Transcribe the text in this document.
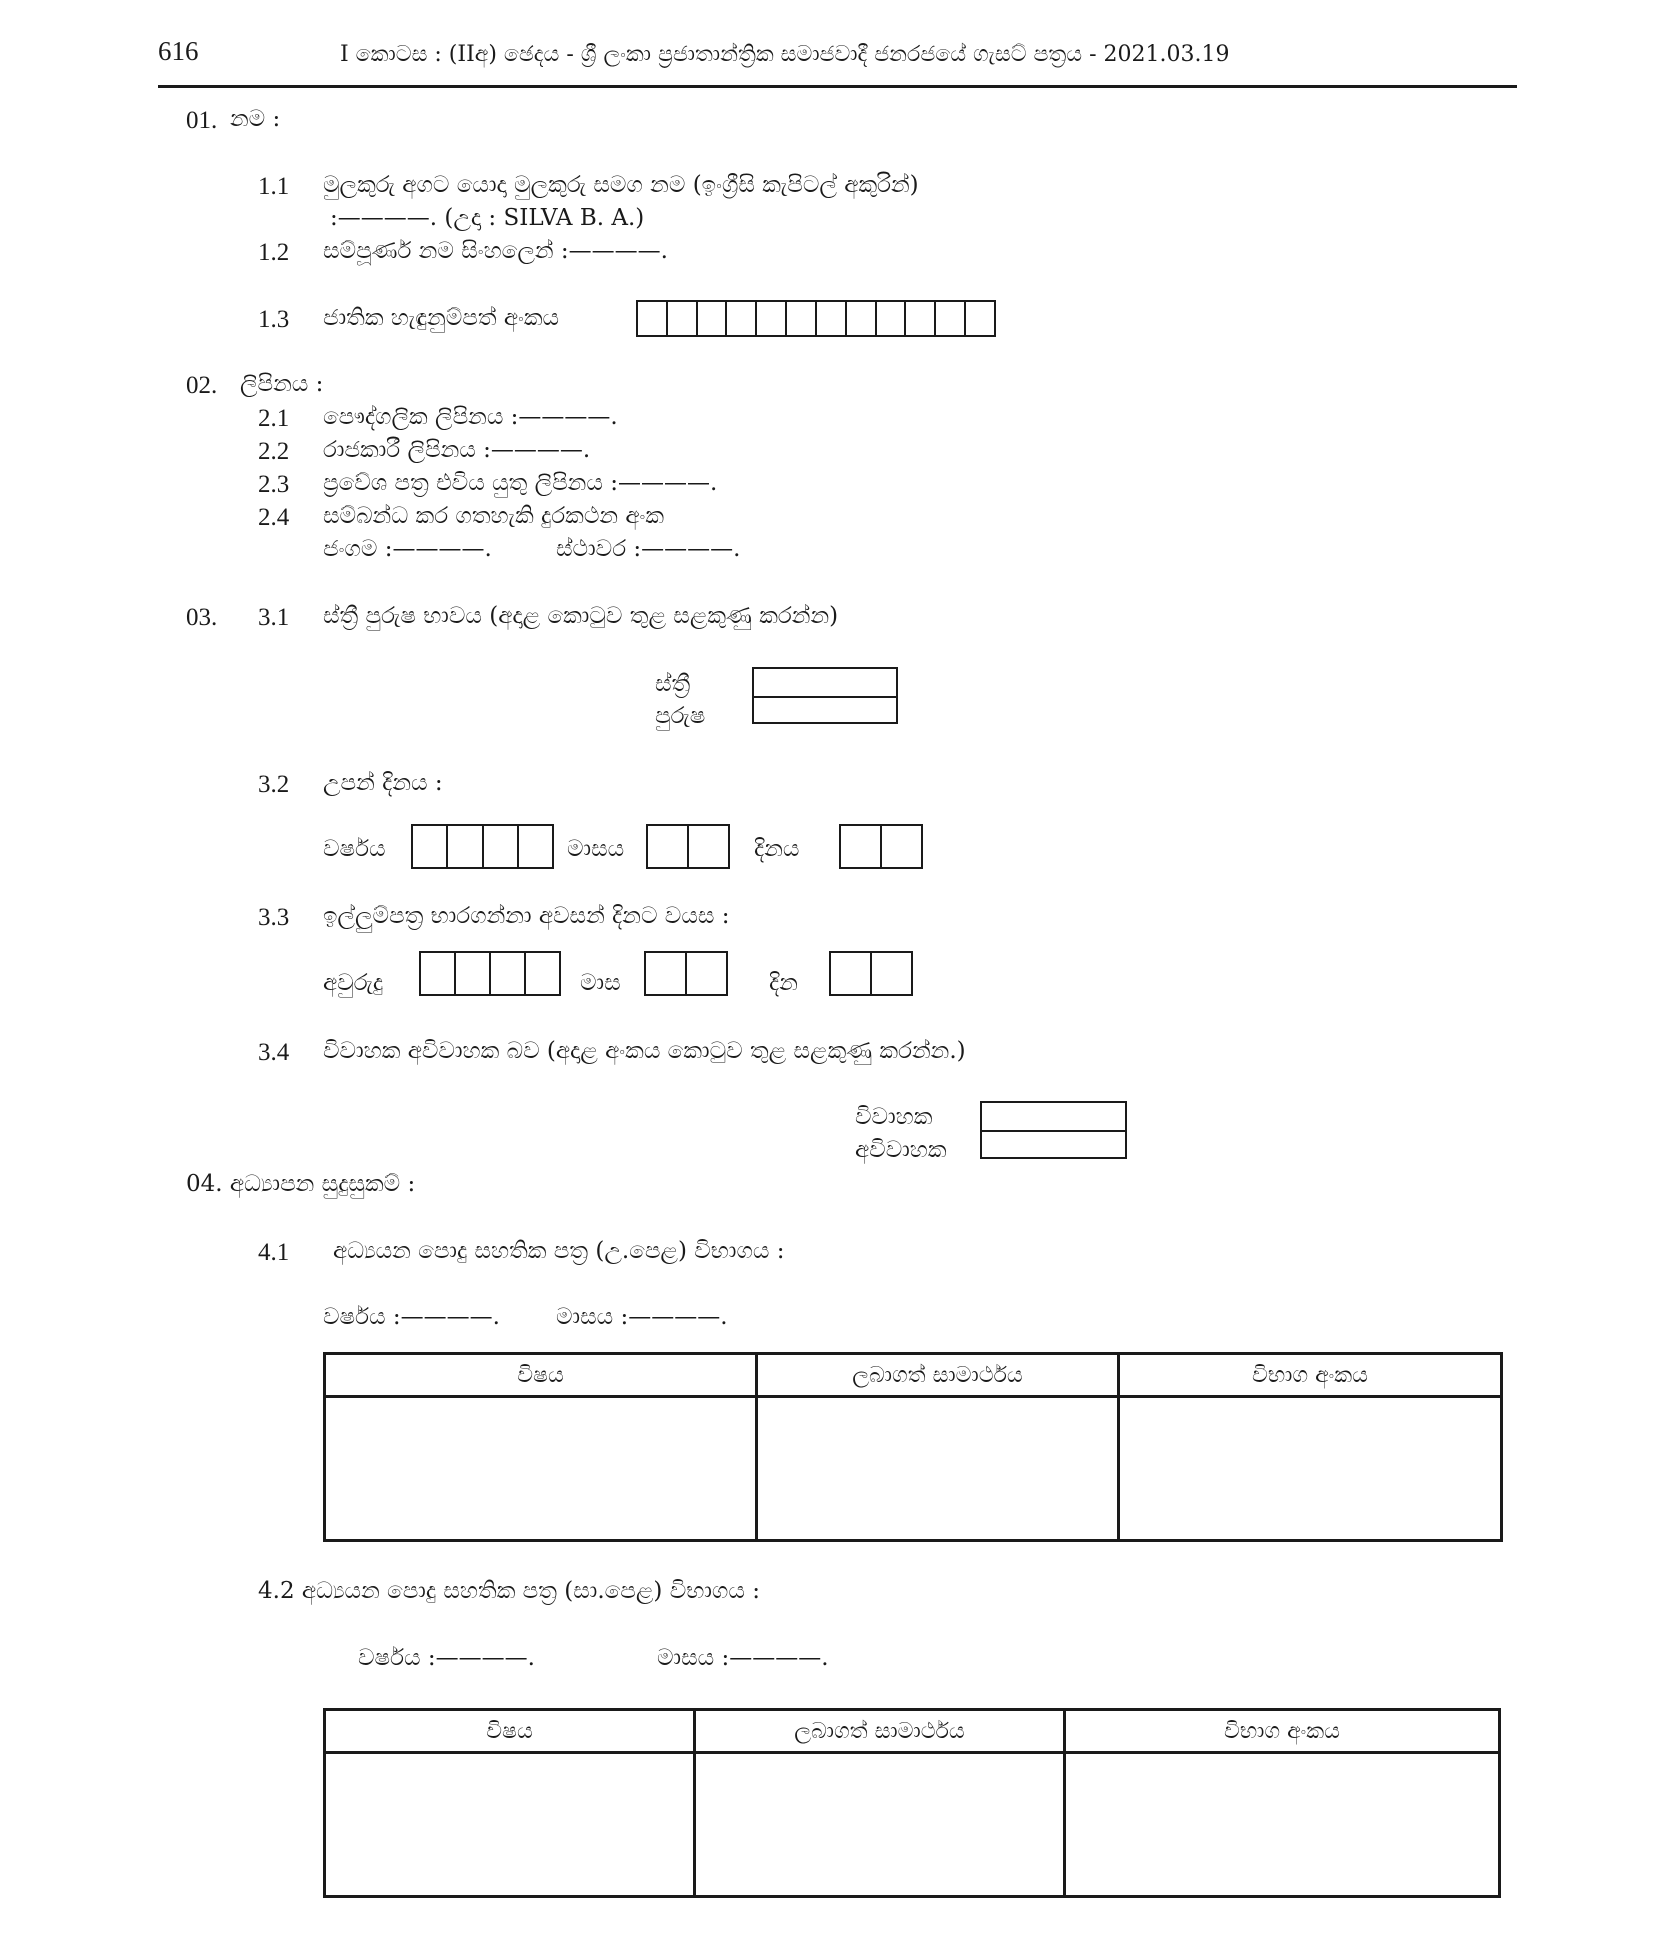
616	I කොටස : (IIඅ) ඡෙදය - ශ්‍රී ලංකා ප්‍රජාතාන්ත්‍රික සමාජවාදී ජනරජයේ ගැසට් පත්‍රය - 2021.03.19
01. නම :
1.1 මුලකුරු අගට යොදා මුලකුරු සමග නම (ඉංග්‍රීසි කැපිටල් අකුරින්)
:————. (උදා : SILVA B. A.)
1.2 සම්පූර්ණ නම සිංහලෙන් :————.
1.3 ජාතික හැඳුනුම්පත් අංකය
02. ලිපිනය :
2.1 පෞද්ගලික ලිපිනය :————.
2.2 රාජකාරී ලිපිනය :————.
2.3 ප්‍රවේශ පත්‍ර එවිය යුතු ලිපිනය :————.
2.4 සම්බන්ධ කර ගතහැකි දුරකථන අංක
ජංගම :————.	ස්ථාවර :————.
03. 3.1 ස්ත්‍රී පුරුෂ භාවය (අදාළ කොටුව තුළ සළකුණු කරන්න)
ස්ත්‍රී
පුරුෂ
3.2 උපන් දිනය :
වර්ෂය	මාසය	දිනය
3.3 ඉල්ලුම්පත්‍ර භාරගන්නා අවසන් දිනට වයස :
අවුරුදු	මාස	දින
3.4 විවාහක අවිවාහක බව (අදාළ අංකය කොටුව තුළ සළකුණු කරන්න.)
විවාහක
අවිවාහක
04. අධ්‍යාපන සුදුසුකම් :
4.1 අධ්‍යයන පොදු සහතික පත්‍ර (උ.පෙළ) විභාගය :
වර්ෂය :————. මාසය :————.
විෂය	ලබාගත් සාමාර්ථය	විභාග අංකය

4.2 අධ්‍යයන පොදු සහතික පත්‍ර (සා.පෙළ) විභාගය :
වර්ෂය :————.	මාසය :————.
විෂය	ලබාගත් සාමාර්ථය	විභාග අංකය
